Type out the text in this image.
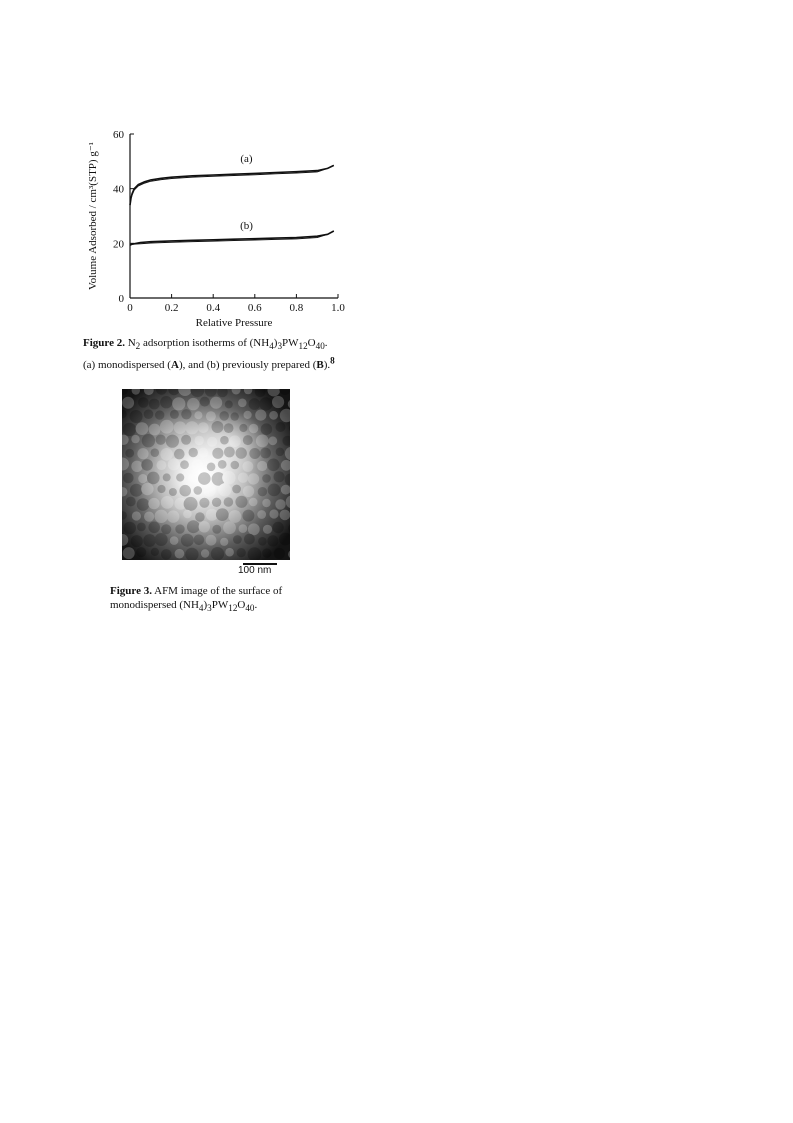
0	0.2	0.4	0.6	0.8	1.0
0
20
40
60
Relative Pressure
Volume Adsorbed / cm³(STP) g⁻¹	(a)
(b)
Figure 2. $N_2$ adsorption isotherms of $(NH_4)_3PW_{12}O_{40}$.
(a) monodispersed (A), and (b) previously prepared (B).$^8$
100 nm
Figure 3. AFM image of the surface of
monodispersed $(NH_4)_3PW_{12}O_{40}$.
